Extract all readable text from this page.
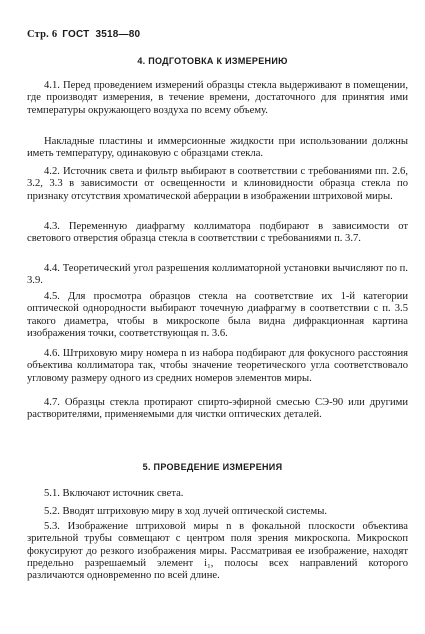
Стр. 6 ГОСТ 3518—80
4. ПОДГОТОВКА К ИЗМЕРЕНИЮ

4.1. Перед проведением измерений образцы стекла выдерживают в помещении, где производят измерения, в течение времени, достаточного для принятия ими температуры окружающего воздуха по всему объему.

Накладные пластины и иммерсионные жидкости при использовании должны иметь температуру, одинаковую с образцами стекла.

4.2. Источник света и фильтр выбирают в соответствии с требованиями пп. 2.6, 3.2, 3.3 в зависимости от освещенности и клиновидности образца стекла по признаку отсутствия хроматической аберрации в изображении штриховой миры.

4.3. Переменную диафрагму коллиматора подбирают в зависимости от светового отверстия образца стекла в соответствии с требованиями п. 3.7.

4.4. Теоретический угол разрешения коллиматорной установки вычисляют по п. 3.9.

4.5. Для просмотра образцов стекла на соответствие их 1-й категории оптической однородности выбирают точечную диафрагму в соответствии с п. 3.5 такого диаметра, чтобы в микроскопе была видна дифракционная картина изображения точки, соответствующая п. 3.6.

4.6. Штриховую миру номера n из набора подбирают для фокусного расстояния объектива коллиматора так, чтобы значение теоретического угла соответствовало угловому размеру одного из средних номеров элементов миры.

4.7. Образцы стекла протирают спирто-эфирной смесью СЭ-90 или другими растворителями, применяемыми для чистки оптических деталей.

5. ПРОВЕДЕНИЕ ИЗМЕРЕНИЯ

5.1. Включают источник света.

5.2. Вводят штриховую миру в ход лучей оптической системы.

5.3. Изображение штриховой миры n в фокальной плоскости объектива зрительной трубы совмещают с центром поля зрения микроскопа. Микроскоп фокусируют до резкого изображения миры. Рассматривая ее изображение, находят предельно разрешаемый элемент i₁, полосы всех направлений которого различаются одновременно по всей длине.
